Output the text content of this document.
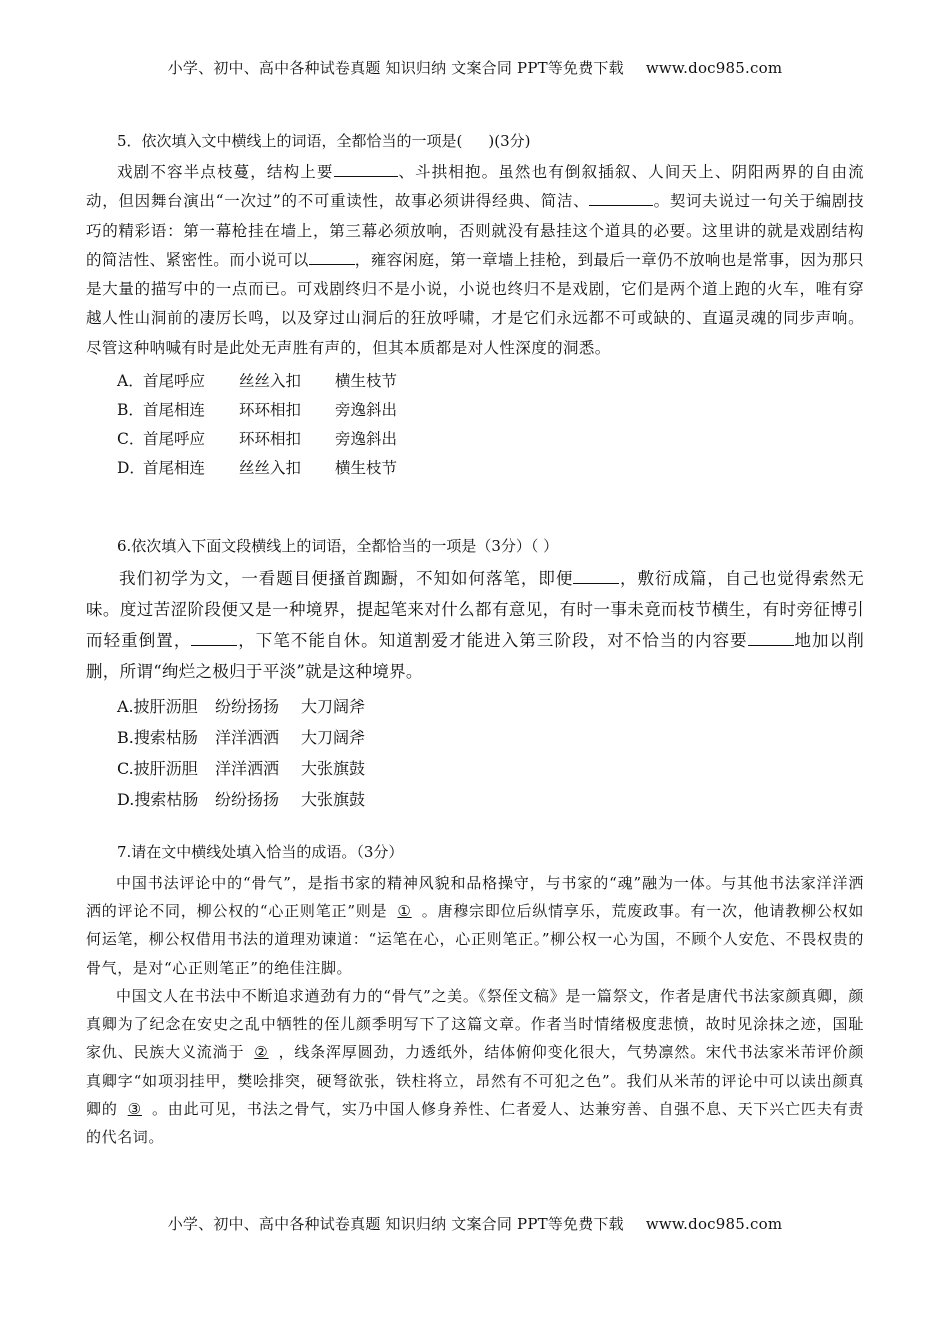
小学、初中、高中各种试卷真题 知识归纳 文案合同 PPT等免费下载 www.doc985.com
5．依次填入文中横线上的词语，全都恰当的一项是( )(3分)

戏剧不容半点枝蔓，结构上要	、斗拱相抱。虽然也有倒叙插叙、人间天上、阴阳两界的自由流动，但因舞台演出“一次过”的不可重读性，故事必须讲得经典、简洁、	。契诃夫说过一句关于编剧技巧的精彩语：第一幕枪挂在墙上，第三幕必须放响，否则就没有悬挂这个道具的必要。这里讲的就是戏剧结构的简洁性、紧密性。而小说可以	，雍容闲庭，第一章墙上挂枪，到最后一章仍不放响也是常事，因为那只是大量的描写中的一点而已。可戏剧终归不是小说，小说也终归不是戏剧，它们是两个道上跑的火车，唯有穿越人性山洞前的凄厉长鸣，以及穿过山洞后的狂放呼啸，才是它们永远都不可或缺的、直逼灵魂的同步声响。尽管这种呐喊有时是此处无声胜有声的，但其本质都是对人性深度的洞悉。

A．首尾呼应 丝丝入扣 横生枝节
B．首尾相连 环环相扣 旁逸斜出
C．首尾呼应 环环相扣 旁逸斜出
D．首尾相连 丝丝入扣 横生枝节
6.依次填入下面文段横线上的词语，全都恰当的一项是（3分）（ ）

我们初学为文，一看题目便搔首踟蹰，不知如何落笔，即便	，敷衍成篇，自己也觉得索然无味。度过苦涩阶段便又是一种境界，提起笔来对什么都有意见，有时一事未竟而枝节横生，有时旁征博引而轻重倒置，	，下笔不能自休。知道割爱才能进入第三阶段，对不恰当的内容要	地加以削删，所谓“绚烂之极归于平淡”就是这种境界。

A.披肝沥胆 纷纷扬扬 大刀阔斧
B.搜索枯肠 洋洋洒洒 大刀阔斧
C.披肝沥胆 洋洋洒洒 大张旗鼓
D.搜索枯肠 纷纷扬扬 大张旗鼓
7.请在文中横线处填入恰当的成语。（3分）

中国书法评论中的“骨气”，是指书家的精神风貌和品格操守，与书家的“魂”融为一体。与其他书法家洋洋洒洒的评论不同，柳公权的“心正则笔正”则是 ① 。唐穆宗即位后纵情享乐，荒废政事。有一次，他请教柳公权如何运笔，柳公权借用书法的道理劝谏道：“运笔在心，心正则笔正。”柳公权一心为国，不顾个人安危、不畏权贵的骨气，是对“心正则笔正”的绝佳注脚。

中国文人在书法中不断追求遒劲有力的“骨气”之美。《祭侄文稿》是一篇祭文，作者是唐代书法家颜真卿，颜真卿为了纪念在安史之乱中牺牲的侄儿颜季明写下了这篇文章。作者当时情绪极度悲愤，故时见涂抹之迹，国耻家仇、民族大义流淌于 ② ，线条浑厚圆劲，力透纸外，结体俯仰变化很大，气势凛然。宋代书法家米芾评价颜真卿字“如项羽挂甲，樊哙排突，硬弩欲张，铁柱将立，昂然有不可犯之色”。我们从米芾的评论中可以读出颜真卿的 ③ 。由此可见，书法之骨气，实乃中国人修身养性、仁者爱人、达兼穷善、自强不息、天下兴亡匹夫有责的代名词。

小学、初中、高中各种试卷真题 知识归纳 文案合同 PPT等免费下载 www.doc985.com
